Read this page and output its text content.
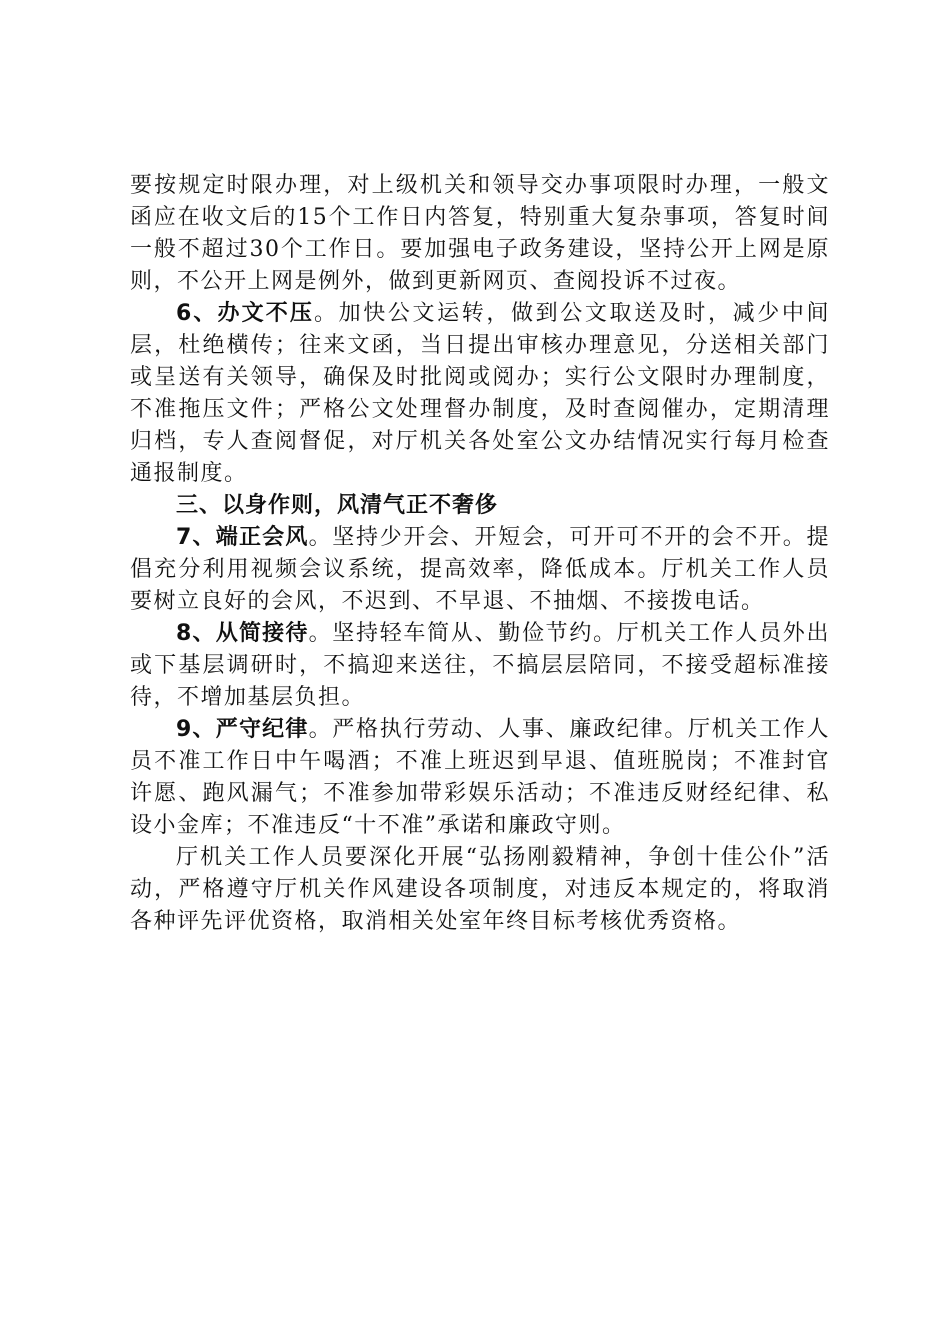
要按规定时限办理，对上级机关和领导交办事项限时办理，一般文函应在收文后的15个工作日内答复，特别重大复杂事项，答复时间一般不超过30个工作日。要加强电子政务建设，坚持公开上网是原则，不公开上网是例外，做到更新网页、查阅投诉不过夜。

6、办文不压。加快公文运转，做到公文取送及时，减少中间层，杜绝横传；往来文函，当日提出审核办理意见，分送相关部门或呈送有关领导，确保及时批阅或阅办；实行公文限时办理制度，不准拖压文件；严格公文处理督办制度，及时查阅催办，定期清理归档，专人查阅督促，对厅机关各处室公文办结情况实行每月检查通报制度。

三、以身作则，风清气正不奢侈

7、端正会风。坚持少开会、开短会，可开可不开的会不开。提倡充分利用视频会议系统，提高效率，降低成本。厅机关工作人员要树立良好的会风，不迟到、不早退、不抽烟、不接拨电话。

8、从简接待。坚持轻车简从、勤俭节约。厅机关工作人员外出或下基层调研时，不搞迎来送往，不搞层层陪同，不接受超标准接待，不增加基层负担。

9、严守纪律。严格执行劳动、人事、廉政纪律。厅机关工作人员不准工作日中午喝酒；不准上班迟到早退、值班脱岗；不准封官许愿、跑风漏气；不准参加带彩娱乐活动；不准违反财经纪律、私设小金库；不准违反“十不准”承诺和廉政守则。

厅机关工作人员要深化开展“弘扬刚毅精神，争创十佳公仆”活动，严格遵守厅机关作风建设各项制度，对违反本规定的，将取消各种评先评优资格，取消相关处室年终目标考核优秀资格。
